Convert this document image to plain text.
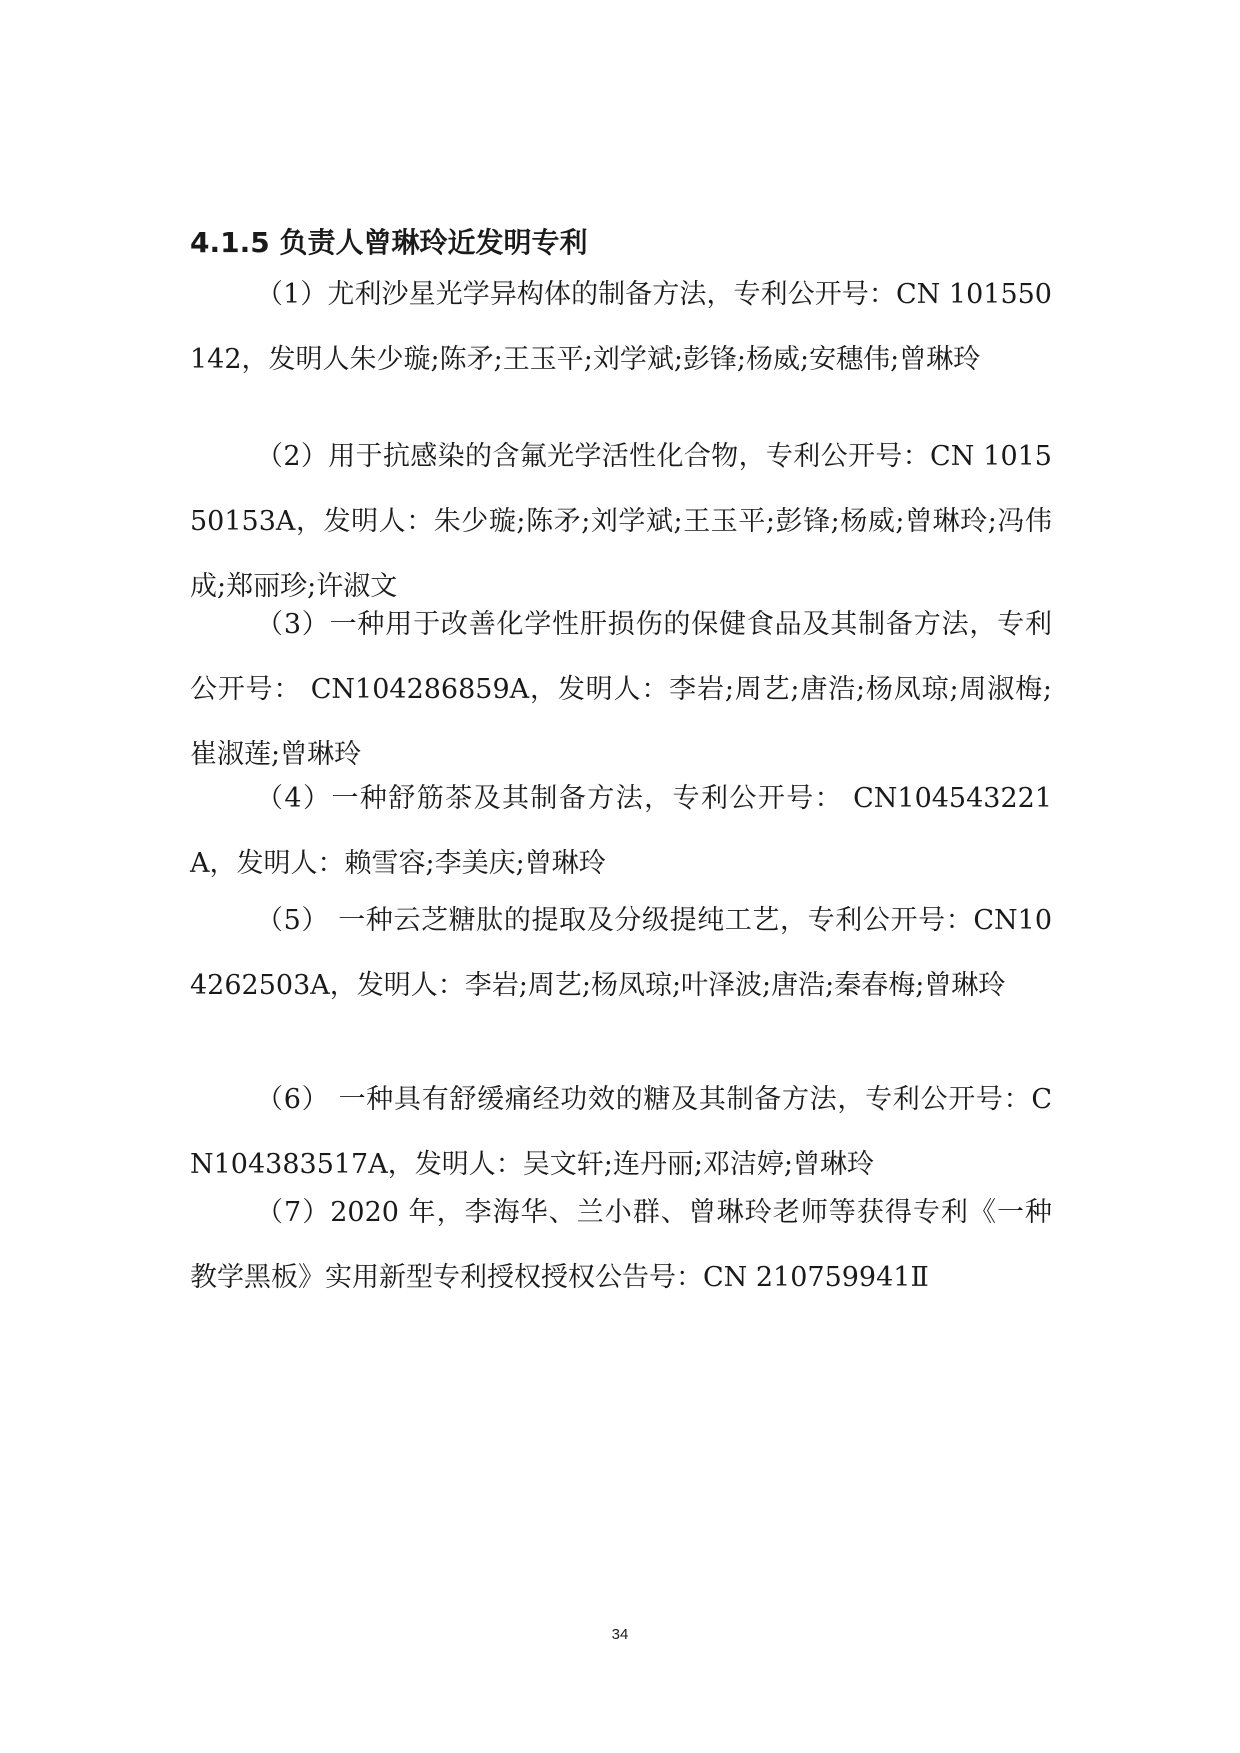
4.1.5 负责人曾琳玲近发明专利

（1）尤利沙星光学异构体的制备方法，专利公开号：CN 101550142，发明人朱少璇;陈矛;王玉平;刘学斌;彭锋;杨威;安穗伟;曾琳玲

（2）用于抗感染的含氟光学活性化合物，专利公开号：CN 101550153A，发明人：朱少璇;陈矛;刘学斌;王玉平;彭锋;杨威;曾琳玲;冯伟成;郑丽珍;许淑文

（3）一种用于改善化学性肝损伤的保健食品及其制备方法，专利公开号： CN104286859A，发明人：李岩;周艺;唐浩;杨凤琼;周淑梅;崔淑莲;曾琳玲

（4）一种舒筋茶及其制备方法，专利公开号： CN104543221A，发明人：赖雪容;李美庆;曾琳玲

（5） 一种云芝糖肽的提取及分级提纯工艺，专利公开号：CN104262503A，发明人：李岩;周艺;杨凤琼;叶泽波;唐浩;秦春梅;曾琳玲

（6） 一种具有舒缓痛经功效的糖及其制备方法，专利公开号：CN104383517A，发明人：吴文轩;连丹丽;邓洁婷;曾琳玲

（7）2020 年，李海华、兰小群、曾琳玲老师等获得专利《一种教学黑板》实用新型专利授权授权公告号：CN 210759941Ⅱ

34
